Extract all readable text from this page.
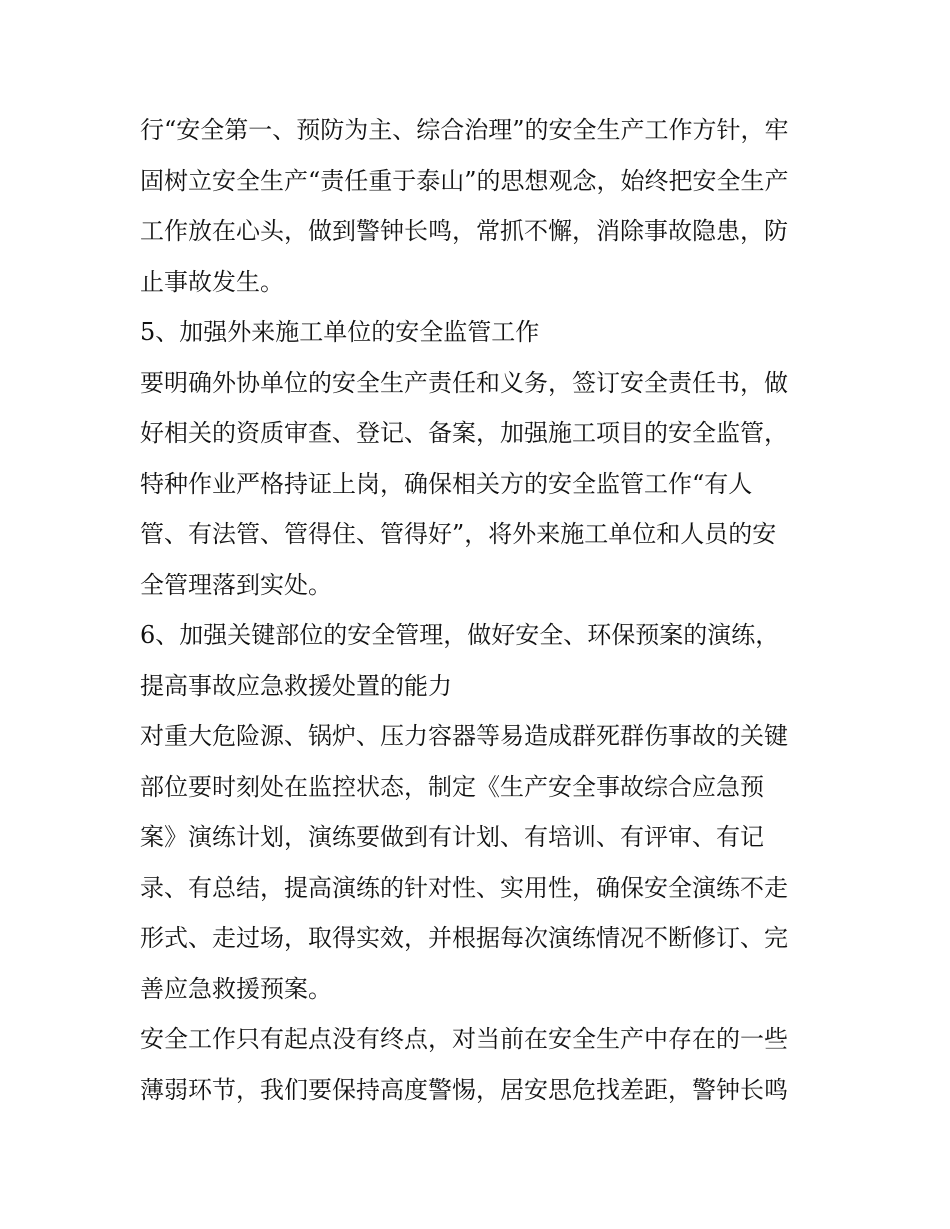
行“安全第一、预防为主、综合治理”的安全生产工作方针，牢
固树立安全生产“责任重于泰山”的思想观念，始终把安全生产
工作放在心头，做到警钟长鸣，常抓不懈，消除事故隐患，防
止事故发生。
5、加强外来施工单位的安全监管工作
要明确外协单位的安全生产责任和义务，签订安全责任书，做
好相关的资质审查、登记、备案，加强施工项目的安全监管，
特种作业严格持证上岗，确保相关方的安全监管工作“有人
管、有法管、管得住、管得好”，将外来施工单位和人员的安
全管理落到实处。
6、加强关键部位的安全管理，做好安全、环保预案的演练，
提高事故应急救援处置的能力
对重大危险源、锅炉、压力容器等易造成群死群伤事故的关键
部位要时刻处在监控状态，制定《生产安全事故综合应急预
案》演练计划，演练要做到有计划、有培训、有评审、有记
录、有总结，提高演练的针对性、实用性，确保安全演练不走
形式、走过场，取得实效，并根据每次演练情况不断修订、完
善应急救援预案。
安全工作只有起点没有终点，对当前在安全生产中存在的一些
薄弱环节，我们要保持高度警惕，居安思危找差距，警钟长鸣
